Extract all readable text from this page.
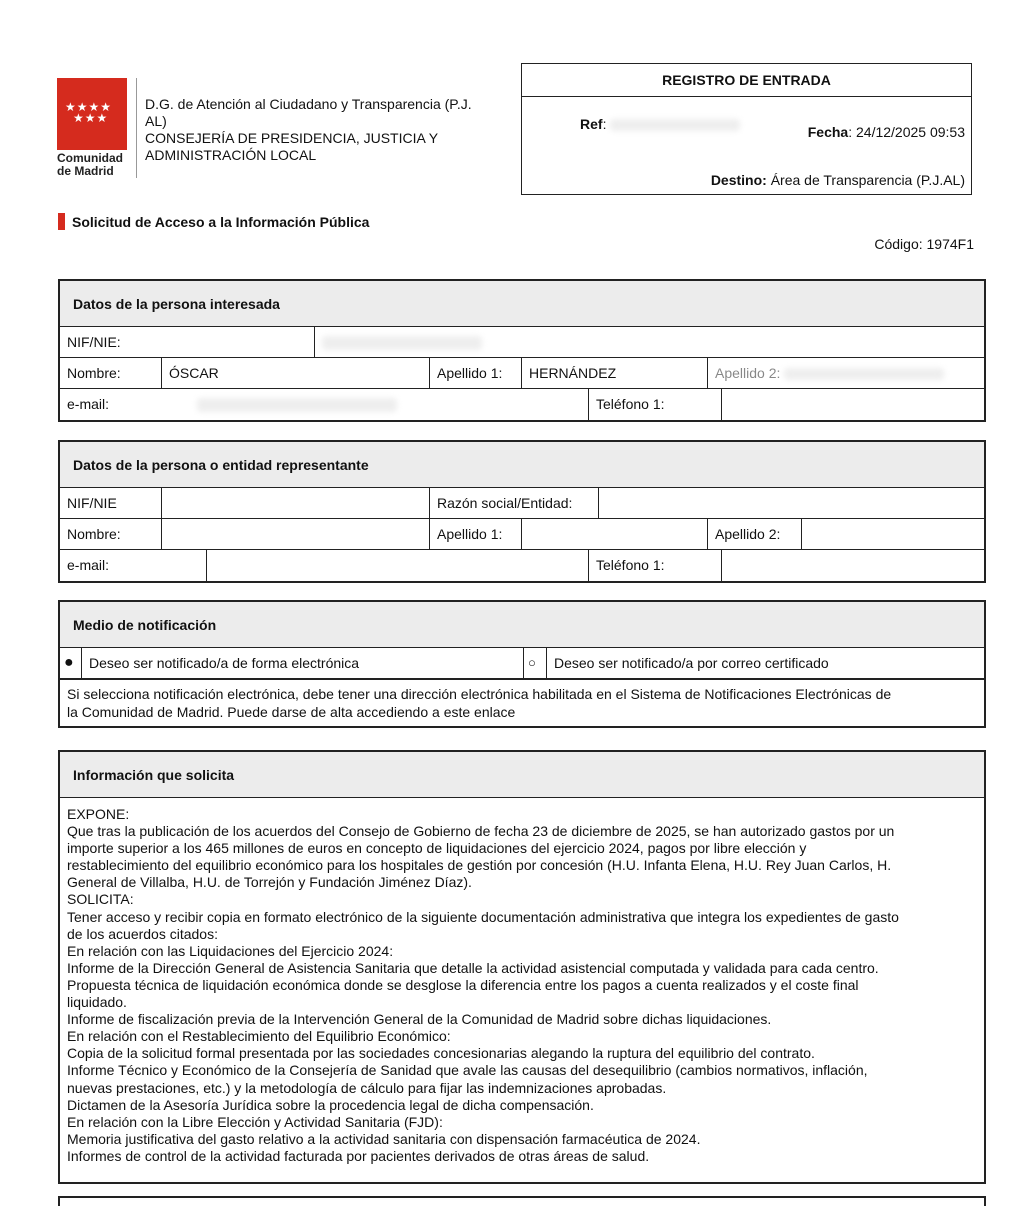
★★★★
★★★
Comunidad
de Madrid
D.G. de Atención al Ciudadano y Transparencia (P.J.
AL)
CONSEJERÍA DE PRESIDENCIA, JUSTICIA Y
ADMINISTRACIÓN LOCAL
REGISTRO DE ENTRADA
Ref:	Fecha: 24/12/2025 09:53
Destino: Área de Transparencia (P.J.AL)
Solicitud de Acceso a la Información Pública
Código: 1974F1
Datos de la persona interesada
NIF/NIE:
Nombre:	ÓSCAR	Apellido 1:	HERNÁNDEZ	Apellido 2:
e-mail:	Teléfono 1:
Datos de la persona o entidad representante
NIF/NIE	Razón social/Entidad:
Nombre:	Apellido 1:	Apellido 2:
e-mail:	Teléfono 1:
Medio de notificación
●	Deseo ser notificado/a de forma electrónica	○	Deseo ser notificado/a por correo certificado
Si selecciona notificación electrónica, debe tener una dirección electrónica habilitada en el Sistema de Notificaciones Electrónicas de
la Comunidad de Madrid. Puede darse de alta accediendo a este enlace
Información que solicita
EXPONE:
Que tras la publicación de los acuerdos del Consejo de Gobierno de fecha 23 de diciembre de 2025, se han autorizado gastos por un
importe superior a los 465 millones de euros en concepto de liquidaciones del ejercicio 2024, pagos por libre elección y
restablecimiento del equilibrio económico para los hospitales de gestión por concesión (H.U. Infanta Elena, H.U. Rey Juan Carlos, H.
General de Villalba, H.U. de Torrejón y Fundación Jiménez Díaz).
SOLICITA:
Tener acceso y recibir copia en formato electrónico de la siguiente documentación administrativa que integra los expedientes de gasto
de los acuerdos citados:
En relación con las Liquidaciones del Ejercicio 2024:
Informe de la Dirección General de Asistencia Sanitaria que detalle la actividad asistencial computada y validada para cada centro.
Propuesta técnica de liquidación económica donde se desglose la diferencia entre los pagos a cuenta realizados y el coste final
liquidado.
Informe de fiscalización previa de la Intervención General de la Comunidad de Madrid sobre dichas liquidaciones.
En relación con el Restablecimiento del Equilibrio Económico:
Copia de la solicitud formal presentada por las sociedades concesionarias alegando la ruptura del equilibrio del contrato.
Informe Técnico y Económico de la Consejería de Sanidad que avale las causas del desequilibrio (cambios normativos, inflación,
nuevas prestaciones, etc.) y la metodología de cálculo para fijar las indemnizaciones aprobadas.
Dictamen de la Asesoría Jurídica sobre la procedencia legal de dicha compensación.
En relación con la Libre Elección y Actividad Sanitaria (FJD):
Memoria justificativa del gasto relativo a la actividad sanitaria con dispensación farmacéutica de 2024.
Informes de control de la actividad facturada por pacientes derivados de otras áreas de salud.
